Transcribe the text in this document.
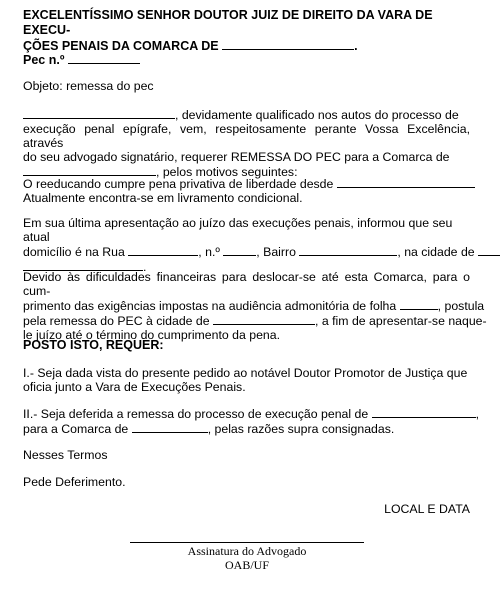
EXCELENTÍSSIMO SENHOR DOUTOR JUIZ DE DIREITO DA VARA DE EXECU-
ÇÕES PENAIS DA COMARCA DE	.
Pec n.º
Objeto: remessa do pec
, devidamente qualificado nos autos do processo de
execução penal epígrafe, vem, respeitosamente perante Vossa Excelência, através
do seu advogado signatário, requerer REMESSA DO PEC para a Comarca de
, pelos motivos seguintes:
O reeducando cumpre pena privativa de liberdade desde
Atualmente encontra-se em livramento condicional.
Em sua última apresentação ao juízo das execuções penais, informou que seu atual
domicílio é na Rua	, n.º	, Bairro	, na cidade de
.
Devido às dificuldades financeiras para deslocar-se até esta Comarca, para o cum-
primento das exigências impostas na audiência admonitória de folha	, postula
pela remessa do PEC à cidade de	, a fim de apresentar-se naque-
le juízo até o término do cumprimento da pena.
POSTO ISTO, REQUER:
I.- Seja dada vista do presente pedido ao notável Doutor Promotor de Justiça que
oficia junto a Vara de Execuções Penais.
II.- Seja deferida a remessa do processo de execução penal de	,
para a Comarca de	, pelas razões supra consignadas.
Nesses Termos
Pede Deferimento.
LOCAL E DATA
Assinatura do Advogado
OAB/UF
